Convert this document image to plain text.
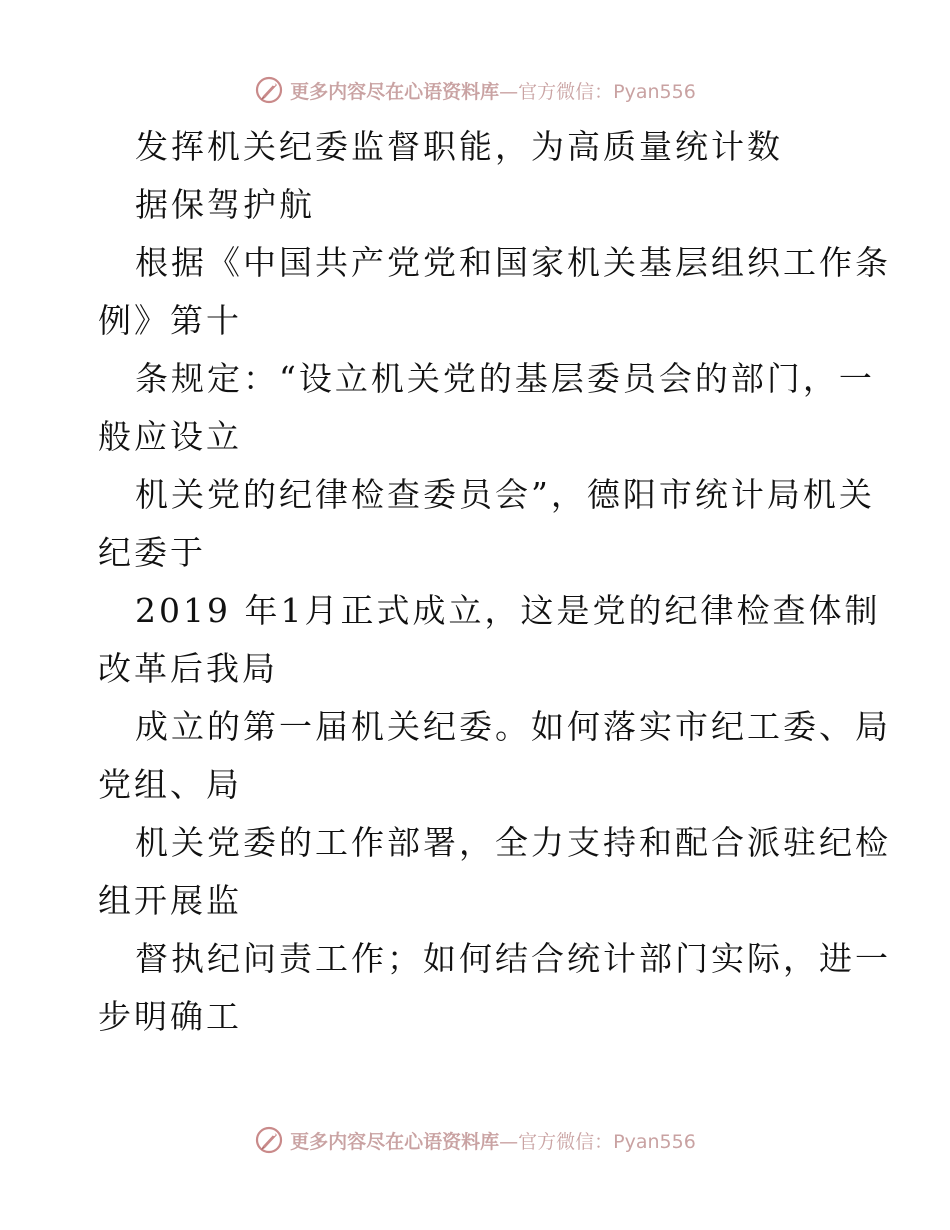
更多内容尽在心语资料库 — 官方微信：Pyan556
发挥机关纪委监督职能，为高质量统计数
据保驾护航
根据《中国共产党党和国家机关基层组织工作条
例》第十
条规定：“设立机关党的基层委员会的部门，一
般应设立
机关党的纪律检查委员会”，德阳市统计局机关
纪委于
2019 年1月正式成立，这是党的纪律检查体制
改革后我局
成立的第一届机关纪委。如何落实市纪工委、局
党组、局
机关党委的工作部署，全力支持和配合派驻纪检
组开展监
督执纪问责工作；如何结合统计部门实际，进一
步明确工
更多内容尽在心语资料库 — 官方微信：Pyan556
